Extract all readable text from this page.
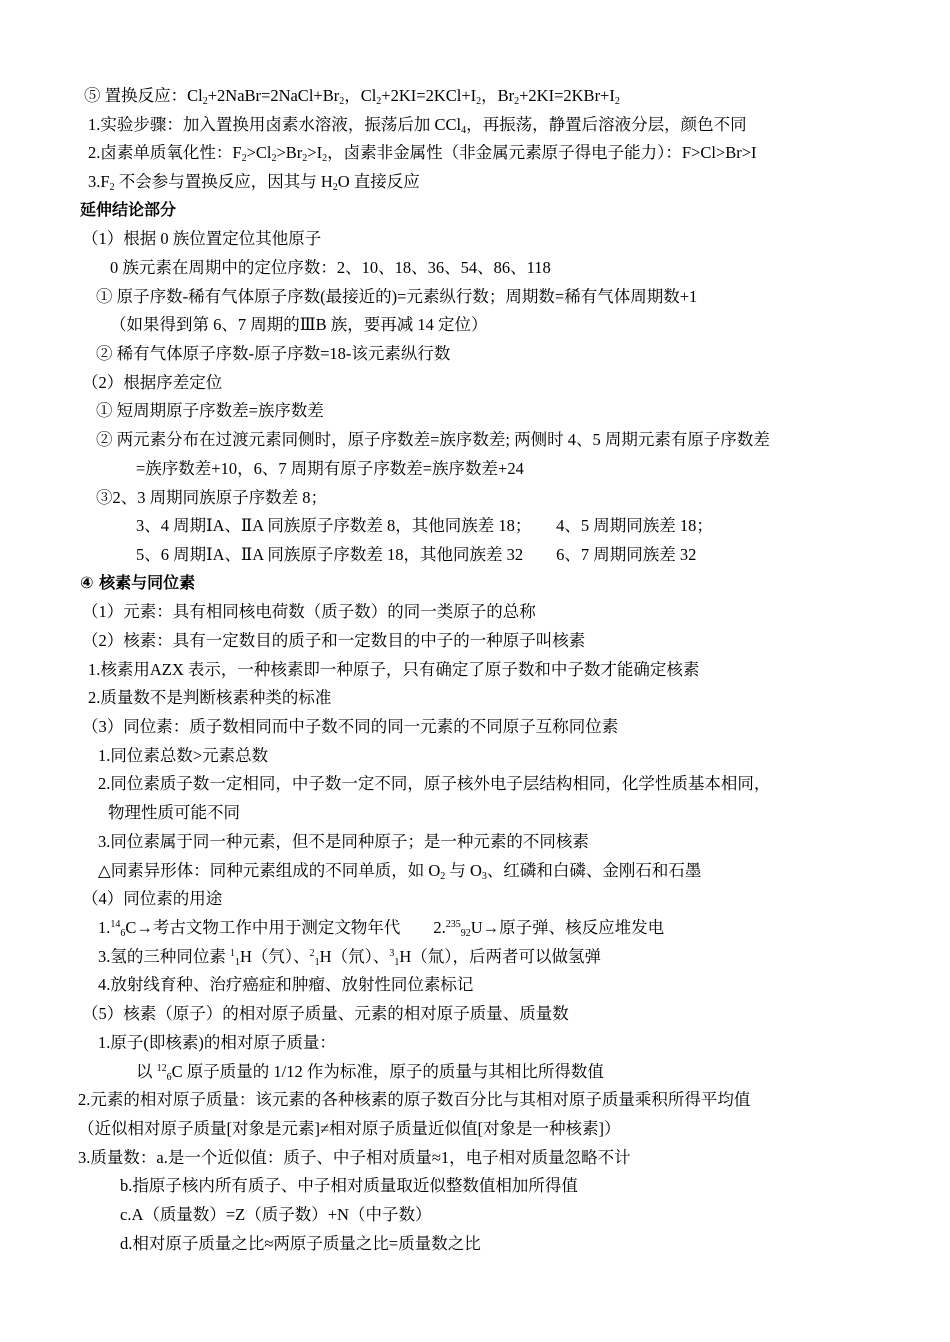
⑤ 置换反应：$Cl_2+2NaBr=2NaCl+Br_2$，$Cl_2+2KI=2KCl+I_2$，$Br_2+2KI=2KBr+I_2$
1.实验步骤：加入置换用卤素水溶液，振荡后加 CCl$_4$，再振荡，静置后溶液分层，颜色不同
2.卤素单质氧化性：$F_2>Cl_2>Br_2>I_2$，卤素非金属性（非金属元素原子得电子能力）：F>Cl>Br>I
$3.F_2$ 不会参与置换反应，因其与 $H_2O$ 直接反应
延伸结论部分
（1）根据 0 族位置定位其他原子
0 族元素在周期中的定位序数：2、10、18、36、54、86、118
① 原子序数-稀有气体原子序数(最接近的)=元素纵行数；周期数=稀有气体周期数+1
（如果得到第 6、7 周期的ⅢB 族，要再减 14 定位）
② 稀有气体原子序数-原子序数=18-该元素纵行数
（2）根据序差定位
① 短周期原子序数差=族序数差
② 两元素分布在过渡元素同侧时，原子序数差=族序数差; 两侧时 4、5 周期元素有原子序数差
=族序数差+10，6、7 周期有原子序数差=族序数差+24
③2、3 周期同族原子序数差 8；
3、4 周期ⅠA、ⅡA 同族原子序数差 8，其他同族差 18；　　4、5 周期同族差 18；
5、6 周期ⅠA、ⅡA 同族原子序数差 18，其他同族差 32　　6、7 周期同族差 32
④ 核素与同位素
（1）元素：具有相同核电荷数（质子数）的同一类原子的总称
（2）核素：具有一定数目的质子和一定数目的中子的一种原子叫核素
1.核素用AZX 表示，一种核素即一种原子，只有确定了原子数和中子数才能确定核素
2.质量数不是判断核素种类的标准
（3）同位素：质子数相同而中子数不同的同一元素的不同原子互称同位素
1.同位素总数>元素总数
2.同位素质子数一定相同，中子数一定不同，原子核外电子层结构相同，化学性质基本相同，
物理性质可能不同
3.同位素属于同一种元素，但不是同种原子；是一种元素的不同核素
△同素异形体：同种元素组成的不同单质，如 $O_2$ 与 $O_3$、红磷和白磷、金刚石和石墨
（4）同位素的用途
$1.14_6C\to$考古文物工作中用于测定文物年代　　2.$^{235}_{92}$U→原子弹、核反应堆发电
3.氢的三种同位素 $^1_1$H（氕）、$^2_1$H（氘）、$^3_1$H（氚），后两者可以做氢弹
4.放射线育种、治疗癌症和肿瘤、放射性同位素标记
（5）核素（原子）的相对原子质量、元素的相对原子质量、质量数
1.原子(即核素)的相对原子质量：
以 $^{12}_6$C 原子质量的 1/12 作为标准，原子的质量与其相比所得数值
2.元素的相对原子质量：该元素的各种核素的原子数百分比与其相对原子质量乘积所得平均值
（近似相对原子质量[对象是元素]≠相对原子质量近似值[对象是一种核素]）
3.质量数：a.是一个近似值：质子、中子相对质量≈1，电子相对质量忽略不计
b.指原子核内所有质子、中子相对质量取近似整数值相加所得值
c.A（质量数）=Z（质子数）+N（中子数）
d.相对原子质量之比≈两原子质量之比=质量数之比
